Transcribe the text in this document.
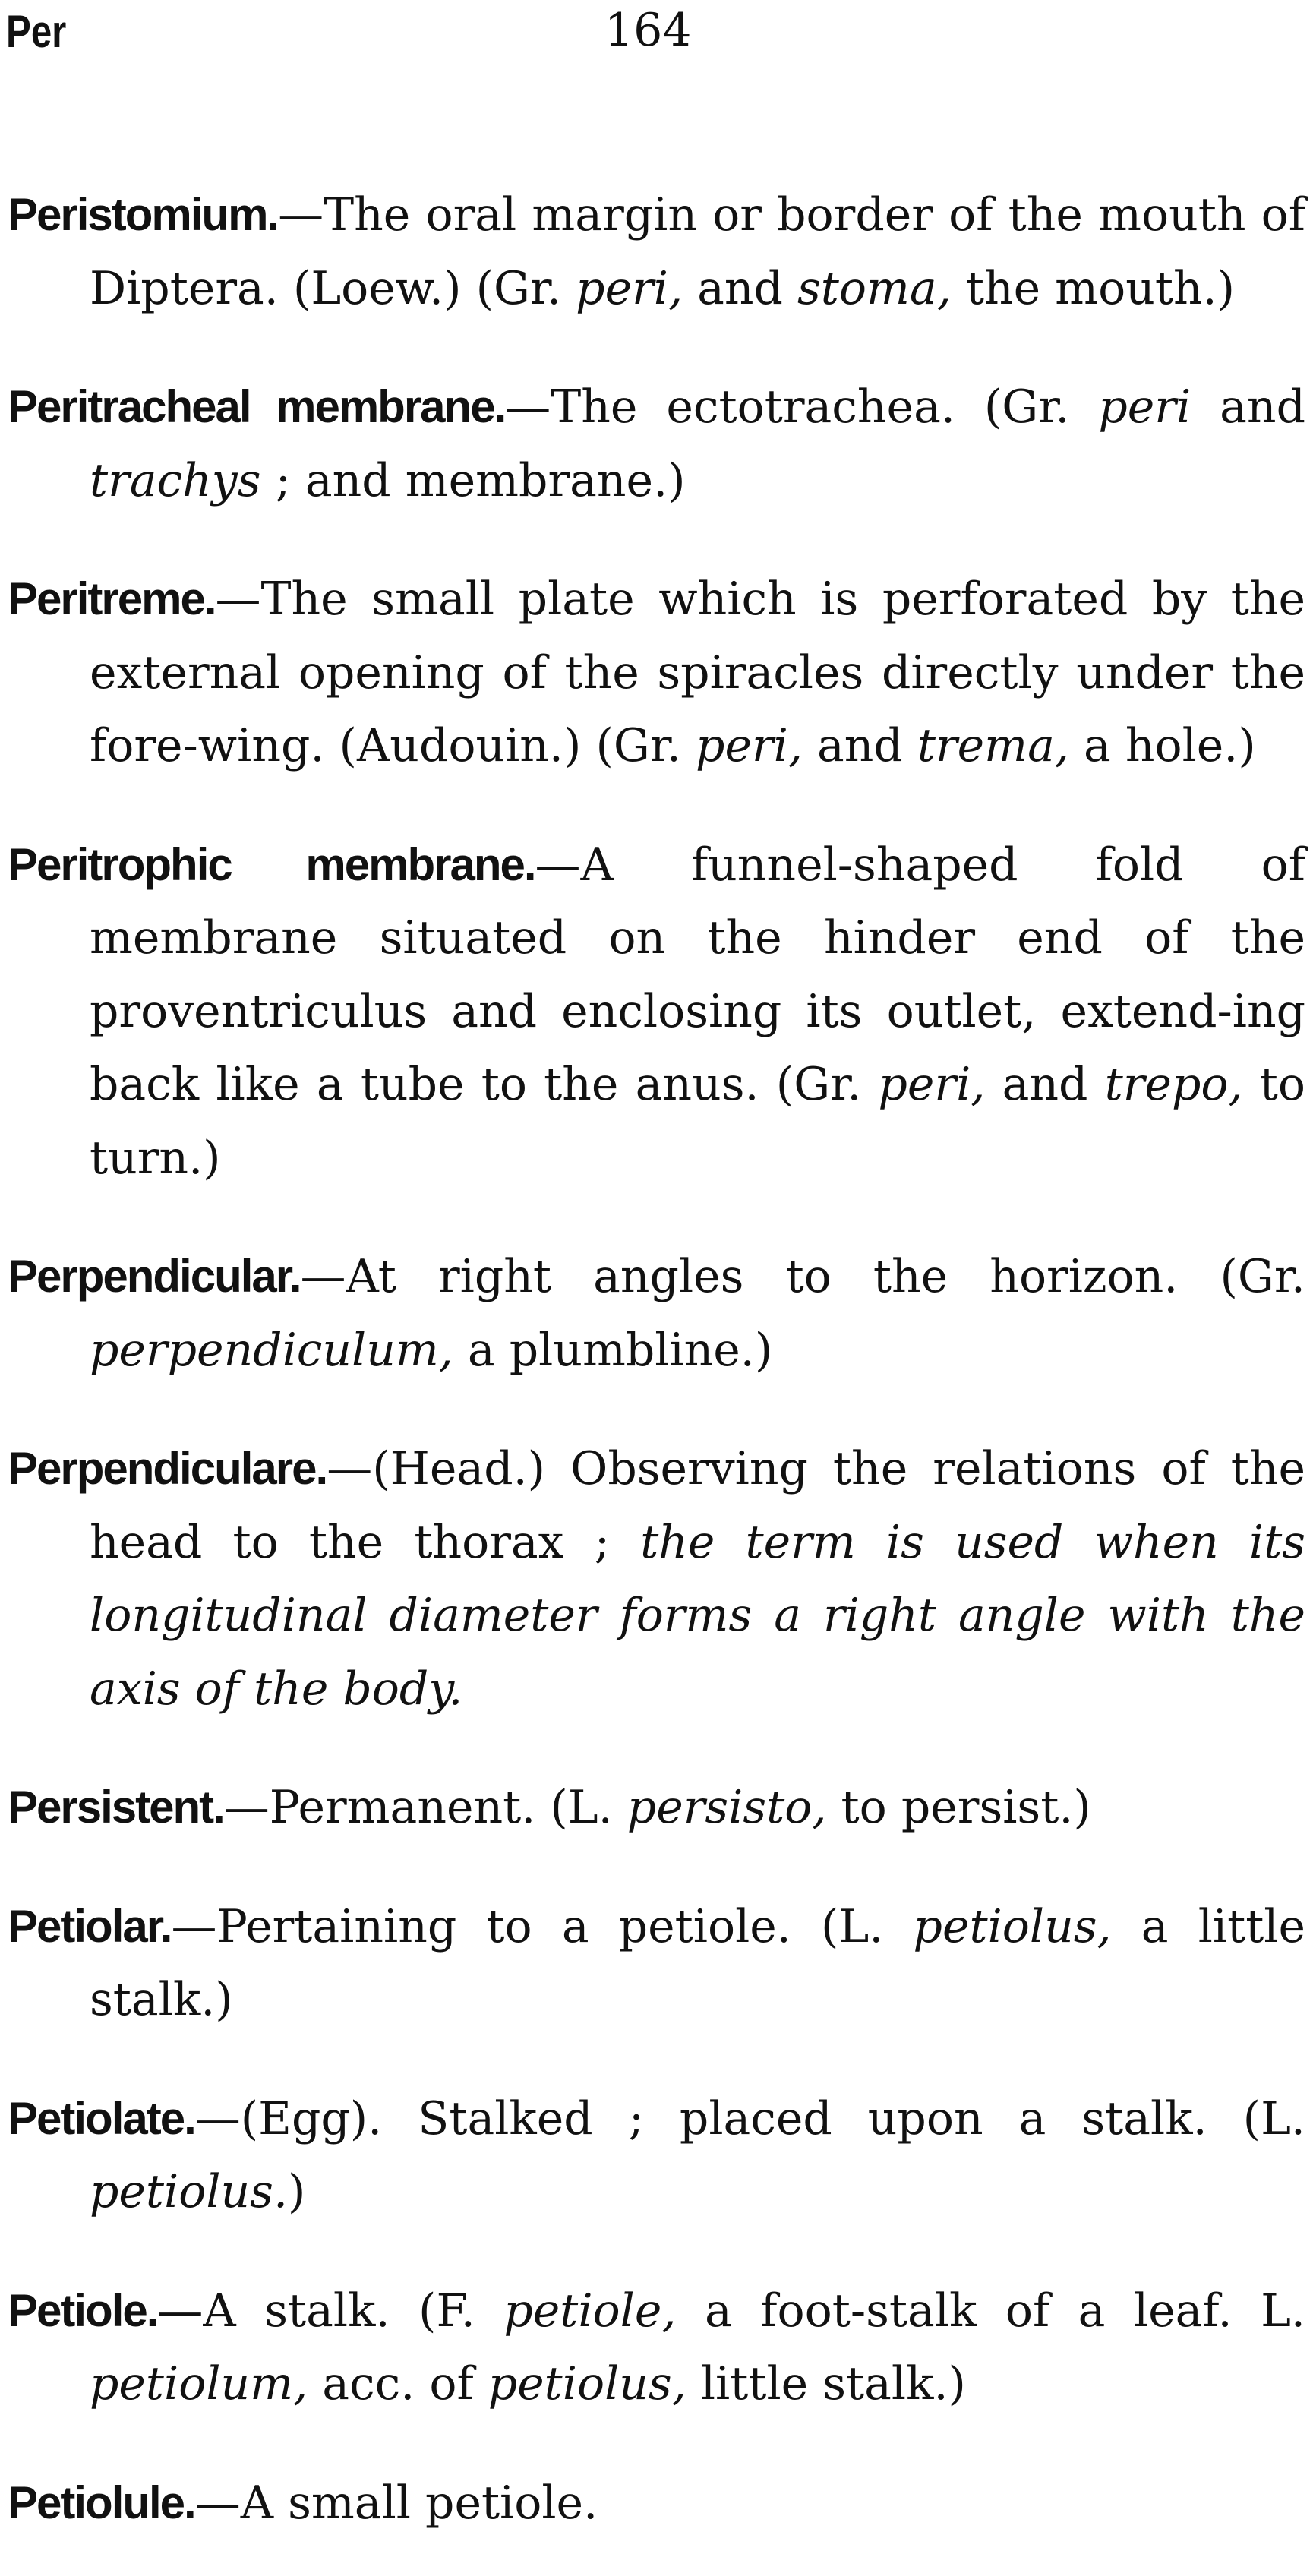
Per	164

Peristomium.—The oral margin or border of the mouth of Diptera. (Loew.) (Gr. peri, and stoma, the mouth.)

Peritracheal membrane.—The ectotrachea. (Gr. peri and trachys ; and membrane.)

Peritreme.—The small plate which is perforated by the external opening of the spiracles directly under the fore-wing. (Audouin.) (Gr. peri, and trema, a hole.)

Peritrophic membrane.—A funnel-shaped fold of membrane situated on the hinder end of the proventriculus and enclosing its outlet, extend-ing back like a tube to the anus. (Gr. peri, and trepo, to turn.)

Perpendicular.—At right angles to the horizon. (Gr. perpendiculum, a plumbline.)

Perpendiculare.—(Head.) Observing the relations of the head to the thorax ; the term is used when its longitudinal diameter forms a right angle with the axis of the body.

Persistent.—Permanent. (L. persisto, to persist.)

Petiolar.—Pertaining to a petiole. (L. petiolus, a little stalk.)

Petiolate.—(Egg). Stalked ; placed upon a stalk. (L. petiolus.)

Petiole.—A stalk. (F. petiole, a foot-stalk of a leaf. L. petiolum, acc. of petiolus, little stalk.)

Petiolule.—A small petiole.
